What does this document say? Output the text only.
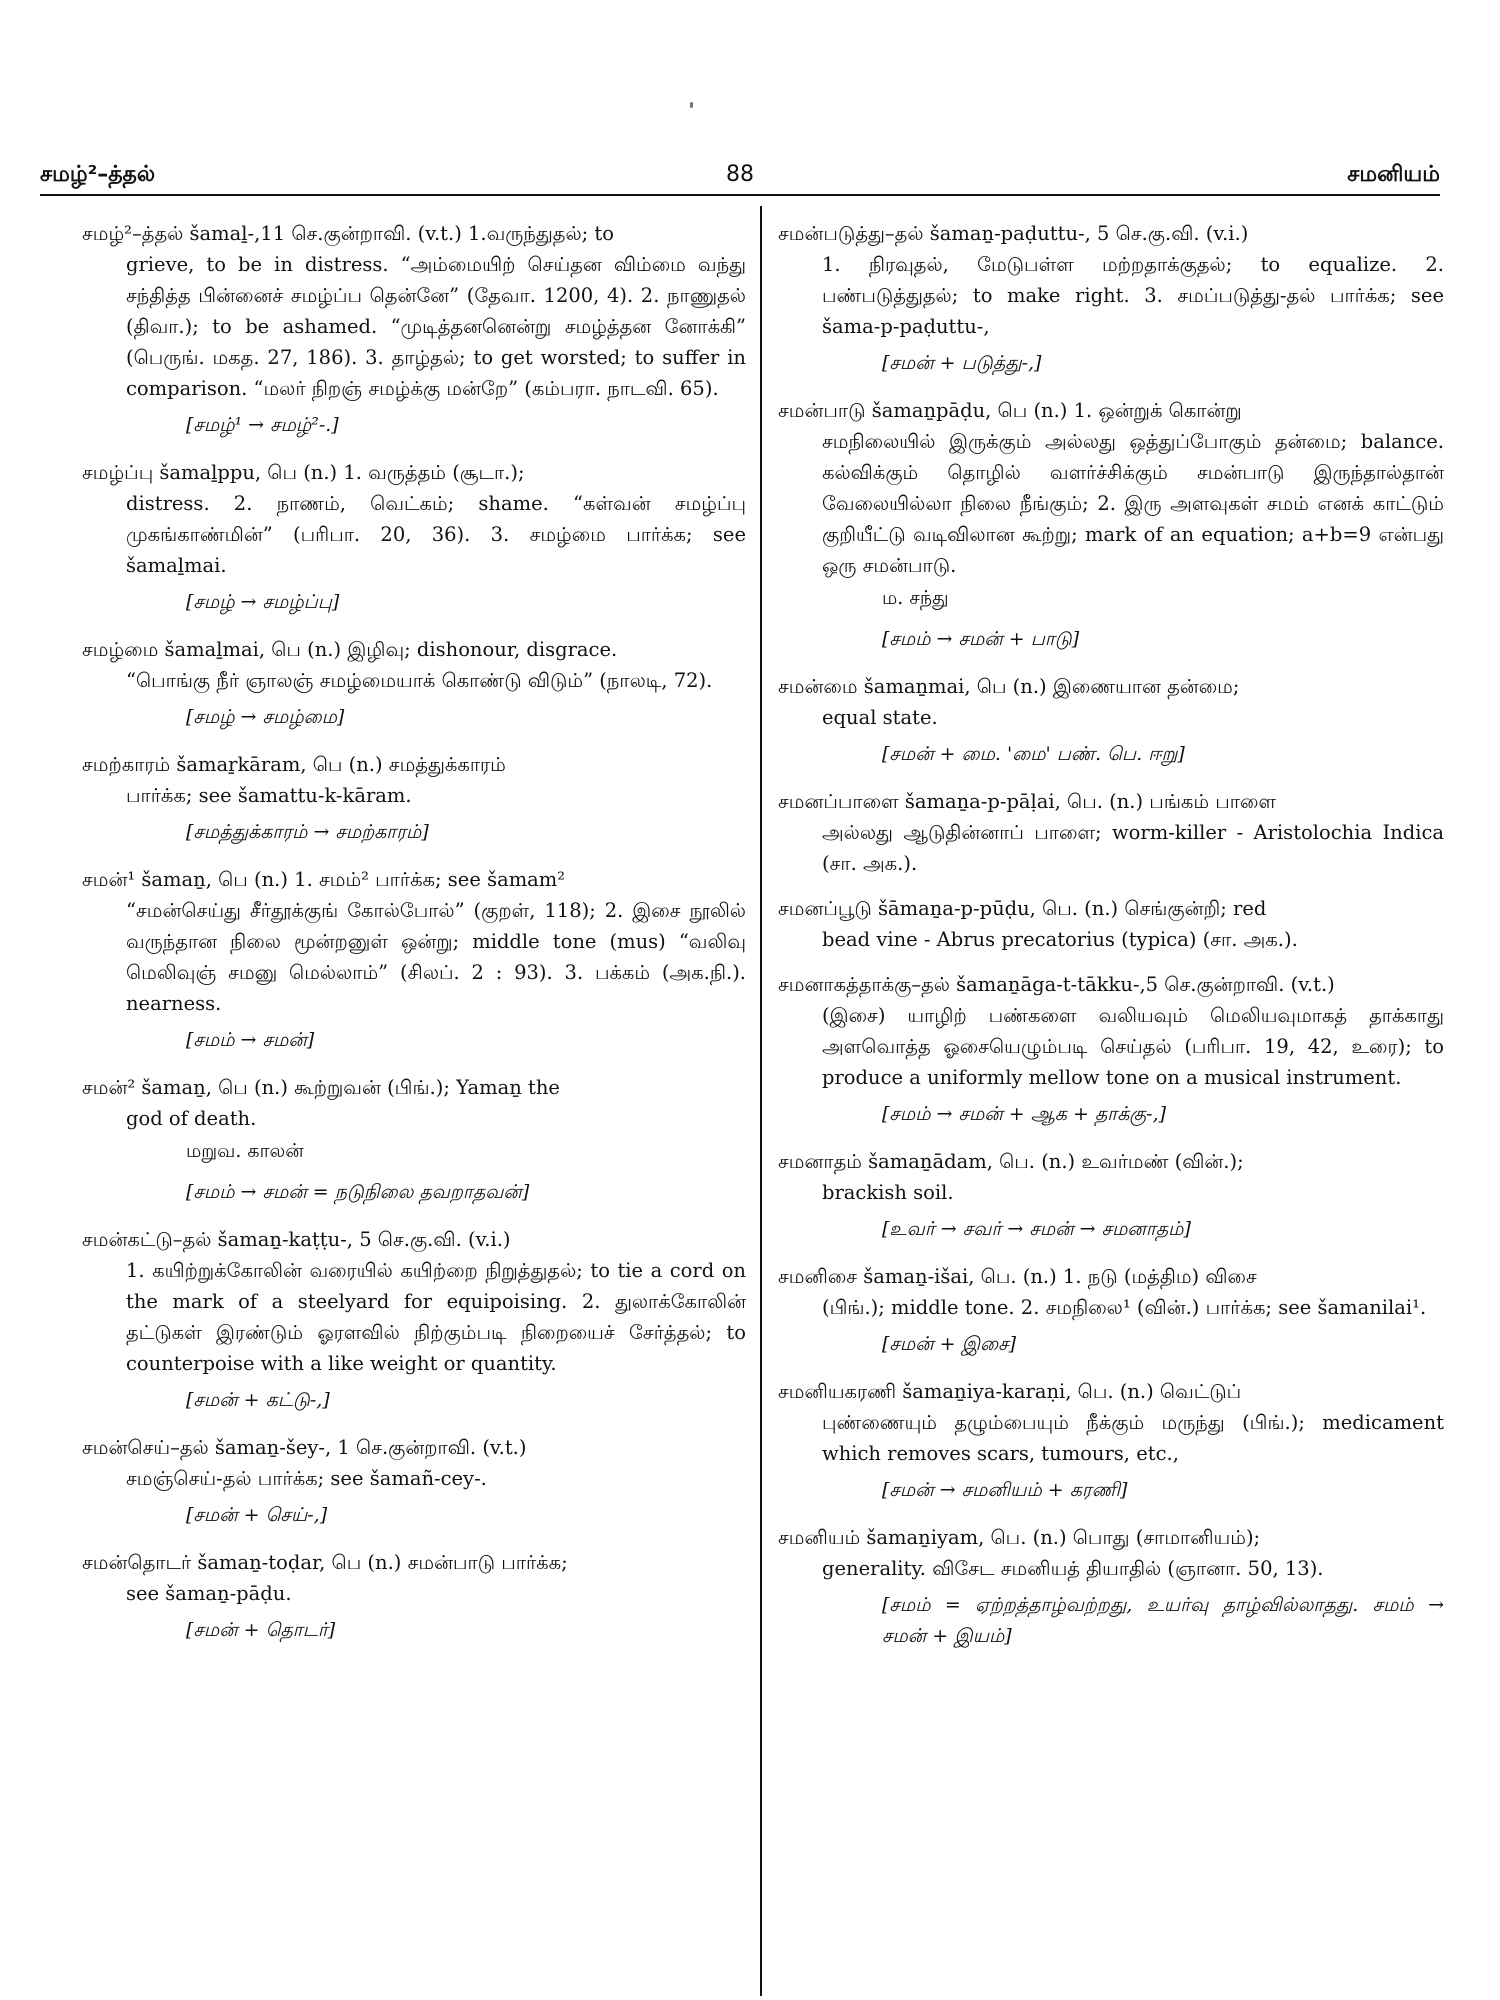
சமழ்²–த்தல்	88	சமனியம்
சமழ்²–த்தல் šamaḻ-,11 செ.குன்றாவி. (v.t.) 1.வருந்துதல்; to
grieve, to be in distress. “அம்மையிற் செய்தன விம்மை வந்து சந்தித்த பின்னைச் சமழ்ப்ப தென்னே” (தேவா. 1200, 4). 2. நாணுதல் (திவா.); to be ashamed. “முடித்தனனென்று சமழ்த்தன னோக்கி” (பெருங். மகத. 27, 186). 3. தாழ்தல்; to get worsted; to suffer in comparison. “மலர் நிறஞ் சமழ்க்கு மன்றே” (கம்பரா. நாடவி. 65).
[சமழ்¹ → சமழ்²-.]
சமழ்ப்பு šamaḻppu, பெ (n.) 1. வருத்தம் (சூடா.);
distress. 2. நாணம், வெட்கம்; shame. “கள்வன் சமழ்ப்பு முகங்காண்மின்” (பரிபா. 20, 36). 3. சமழ்மை பார்க்க; see šamaḻmai.
[சமழ் → சமழ்ப்பு]
சமழ்மை šamaḻmai, பெ (n.) இழிவு; dishonour, disgrace.
“பொங்கு நீர் ஞாலஞ் சமழ்மையாக் கொண்டு விடும்” (நாலடி, 72).
[சமழ் → சமழ்மை]
சமற்காரம் šamaṟkāram, பெ (n.) சமத்துக்காரம்
பார்க்க; see šamattu-k-kāram.
[சமத்துக்காரம் → சமற்காரம்]
சமன்¹ šamaṉ, பெ (n.) 1. சமம்² பார்க்க; see šamam²
“சமன்செய்து சீர்தூக்குங் கோல்போல்” (குறள், 118); 2. இசை நூலில் வருந்தான நிலை மூன்றனுள் ஒன்று; middle tone (mus) “வலிவு மெலிவுஞ் சமனு மெல்லாம்” (சிலப். 2 : 93). 3. பக்கம் (அக.நி.). nearness.
[சமம் → சமன்]
சமன்² šamaṉ, பெ (n.) கூற்றுவன் (பிங்.); Yamaṉ the
god of death.
மறுவ. காலன்
[சமம் → சமன் = நடுநிலை தவறாதவன்]
சமன்கட்டு–தல் šamaṉ-kaṭṭu-, 5 செ.கு.வி. (v.i.)
1. கயிற்றுக்கோலின் வரையில் கயிற்றை நிறுத்துதல்; to tie a cord on the mark of a steelyard for equipoising. 2. துலாக்கோலின் தட்டுகள் இரண்டும் ஓரளவில் நிற்கும்படி நிறையைச் சேர்த்தல்; to counterpoise with a like weight or quantity.
[சமன் + கட்டு-,]
சமன்செய்–தல் šamaṉ-šey-, 1 செ.குன்றாவி. (v.t.)
சமஞ்செய்-தல் பார்க்க; see šamañ-cey-.
[சமன் + செய்-,]
சமன்தொடர் šamaṉ-toḍar, பெ (n.) சமன்பாடு பார்க்க;
see šamaṉ-pāḍu.
[சமன் + தொடர்]
சமன்படுத்து–தல் šamaṉ-paḍuttu-, 5 செ.கு.வி. (v.i.)
1. நிரவுதல், மேடுபள்ள மற்றதாக்குதல்; to equalize. 2. பண்படுத்துதல்; to make right. 3. சமப்படுத்து-தல் பார்க்க; see šama-p-paḍuttu-,
[சமன் + படுத்து-,]
சமன்பாடு šamaṉpāḍu, பெ (n.) 1. ஒன்றுக் கொன்று
சமநிலையில் இருக்கும் அல்லது ஒத்துப்போகும் தன்மை; balance. கல்விக்கும் தொழில் வளர்ச்சிக்கும் சமன்பாடு இருந்தால்தான் வேலையில்லா நிலை நீங்கும்; 2. இரு அளவுகள் சமம் எனக் காட்டும் குறியீட்டு வடிவிலான கூற்று; mark of an equation; a+b=9 என்பது ஒரு சமன்பாடு.
ம. சந்து
[சமம் → சமன் + பாடு]
சமன்மை šamaṉmai, பெ (n.) இணையான தன்மை;
equal state.
[சமன் + மை. 'மை' பண். பெ. ஈறு]
சமனப்பாளை šamaṉa-p-pāḷai, பெ. (n.) பங்கம் பாளை
அல்லது ஆடுதின்னாப் பாளை; worm-killer - Aristolochia Indica (சா. அக.).
சமனப்பூடு šāmaṉa-p-pūḍu, பெ. (n.) செங்குன்றி; red
bead vine - Abrus precatorius (typica) (சா. அக.).
சமனாகத்தாக்கு–தல் šamaṉāga-t-tākku-,5 செ.குன்றாவி. (v.t.)
(இசை) யாழிற் பண்களை வலியவும் மெலியவுமாகத் தாக்காது அளவொத்த ஓசையெழும்படி செய்தல் (பரிபா. 19, 42, உரை); to produce a uniformly mellow tone on a musical instrument.
[சமம் → சமன் + ஆக + தாக்கு-,]
சமனாதம் šamaṉādam, பெ. (n.) உவர்மண் (வின்.);
brackish soil.
[உவர் → சவர் → சமன் → சமனாதம்]
சமனிசை šamaṉ-išai, பெ. (n.) 1. நடு (மத்திம) விசை
(பிங்.); middle tone. 2. சமநிலை¹ (வின்.) பார்க்க; see šamanilai¹.
[சமன் + இசை]
சமனியகரணி šamaṉiya-karaṇi, பெ. (n.) வெட்டுப்
புண்ணையும் தழும்பையும் நீக்கும் மருந்து (பிங்.); medicament which removes scars, tumours, etc.,
[சமன் → சமனியம் + கரணி]
சமனியம் šamaṉiyam, பெ. (n.) பொது (சாமானியம்);
generality. விசேட சமனியத் தியாதில் (ஞானா. 50, 13).
[சமம் = ஏற்றத்தாழ்வற்றது, உயர்வு தாழ்வில்லாதது. சமம் → சமன் + இயம்]
